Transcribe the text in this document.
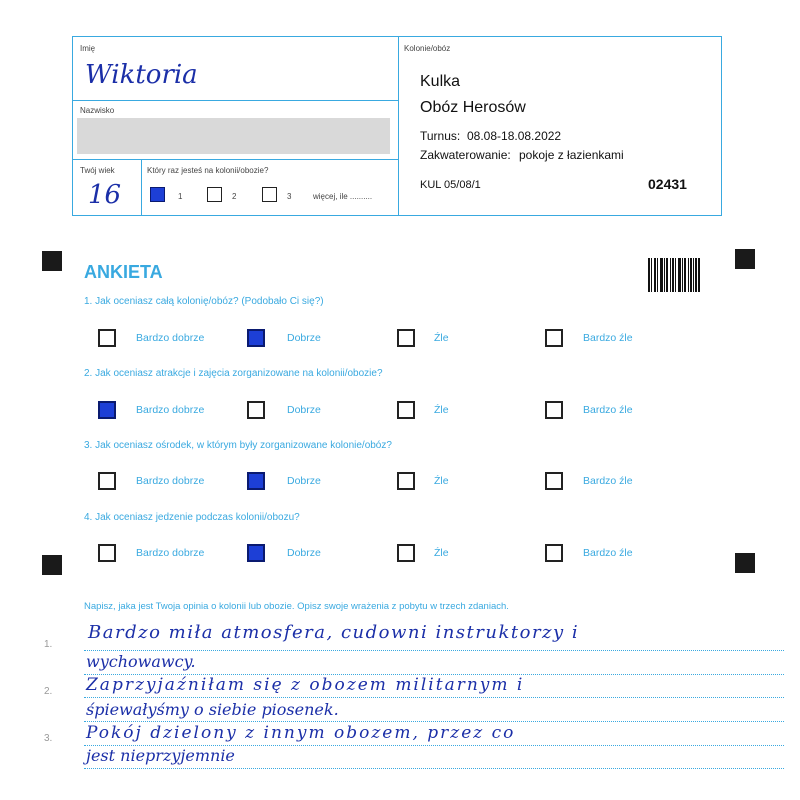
Imię
Wiktoria
Nazwisko
Twój wiek
16
Który raz jesteś na kolonii/obozie?
1	2	3	więcej, ile ..........
Kolonie/obóz
Kulka
Obóz Herosów
Turnus: 08.08-18.08.2022
Zakwaterowanie: pokoje z łazienkami
KUL 05/08/1	02431
ANKIETA
1. Jak oceniasz całą kolonię/obóz? (Podobało Ci się?)
Bardzo dobrze	Dobrze	Źle	Bardzo źle
2. Jak oceniasz atrakcje i zajęcia zorganizowane na kolonii/obozie?
Bardzo dobrze	Dobrze	Źle	Bardzo źle
3. Jak oceniasz ośrodek, w którym były zorganizowane kolonie/obóz?
Bardzo dobrze	Dobrze	Źle	Bardzo źle
4. Jak oceniasz jedzenie podczas kolonii/obozu?
Bardzo dobrze	Dobrze	Źle	Bardzo źle
Napisz, jaka jest Twoja opinia o kolonii lub obozie. Opisz swoje wrażenia z pobytu w trzech zdaniach.
1.
2.
3.
Bardzo miła atmosfera, cudowni instruktorzy i
wychowawcy.
Zaprzyjaźniłam się z obozem militarnym i
śpiewałyśmy o siebie piosenek.
Pokój dzielony z innym obozem, przez co
jest nieprzyjemnie
